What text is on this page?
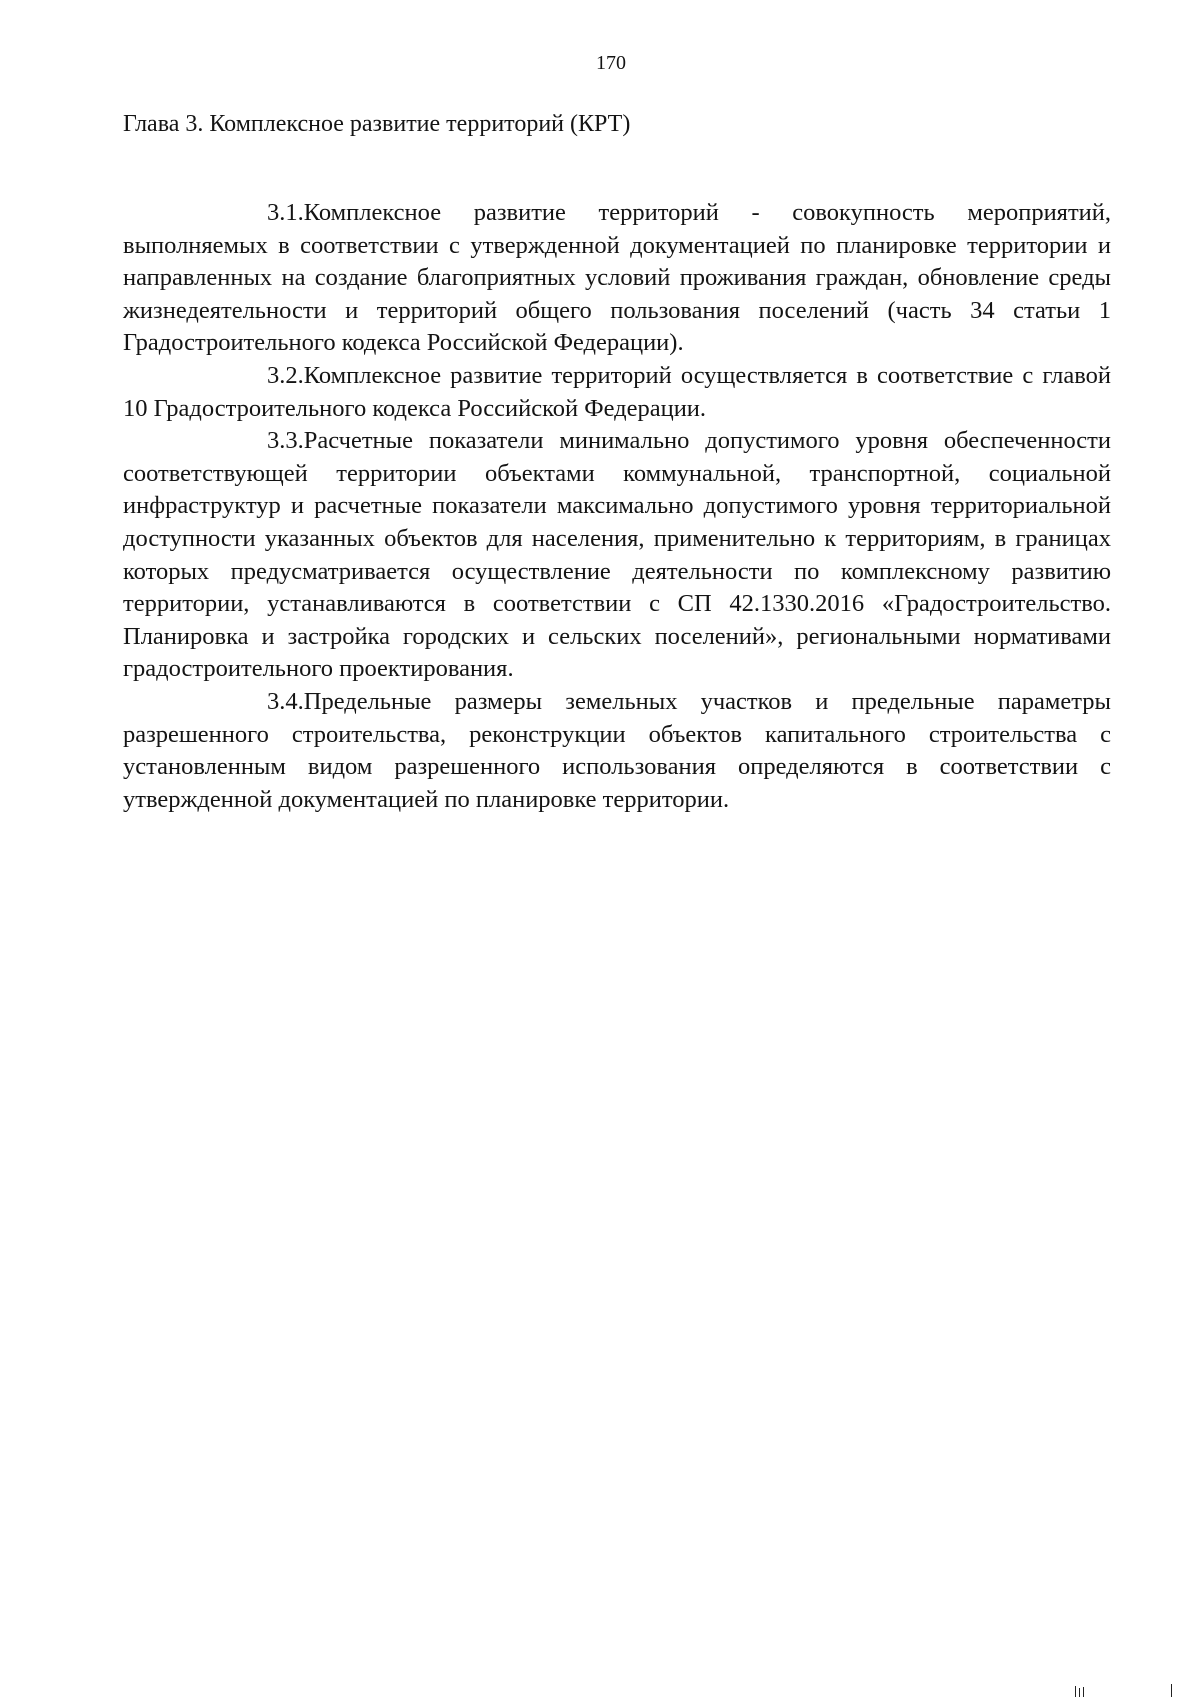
170
Глава 3. Комплексное развитие территорий (КРТ)

3.1.Комплексное развитие территорий - совокупность мероприятий, выполняемых в соответствии с утвержденной документацией по планировке территории и направленных на создание благоприятных условий проживания граждан, обновление среды жизнедеятельности и территорий общего пользования поселений (часть 34 статьи 1 Градостроительного кодекса Российской Федерации).

3.2.Комплексное развитие территорий осуществляется в соответствие с главой 10 Градостроительного кодекса Российской Федерации.

3.3.Расчетные показатели минимально допустимого уровня обеспеченности соответствующей территории объектами коммунальной, транспортной, социальной инфраструктур и расчетные показатели максимально допустимого уровня территориальной доступности указанных объектов для населения, применительно к территориям, в границах которых предусматривается осуществление деятельности по комплексному развитию территории, устанавливаются в соответствии с СП 42.1330.2016 «Градостроительство. Планировка и застройка городских и сельских поселений», региональными нормативами градостроительного проектирования.

3.4.Предельные размеры земельных участков и предельные параметры разрешенного строительства, реконструкции объектов капитального строительства с установленным видом разрешенного использования определяются в соответствии с утвержденной документацией по планировке территории.
